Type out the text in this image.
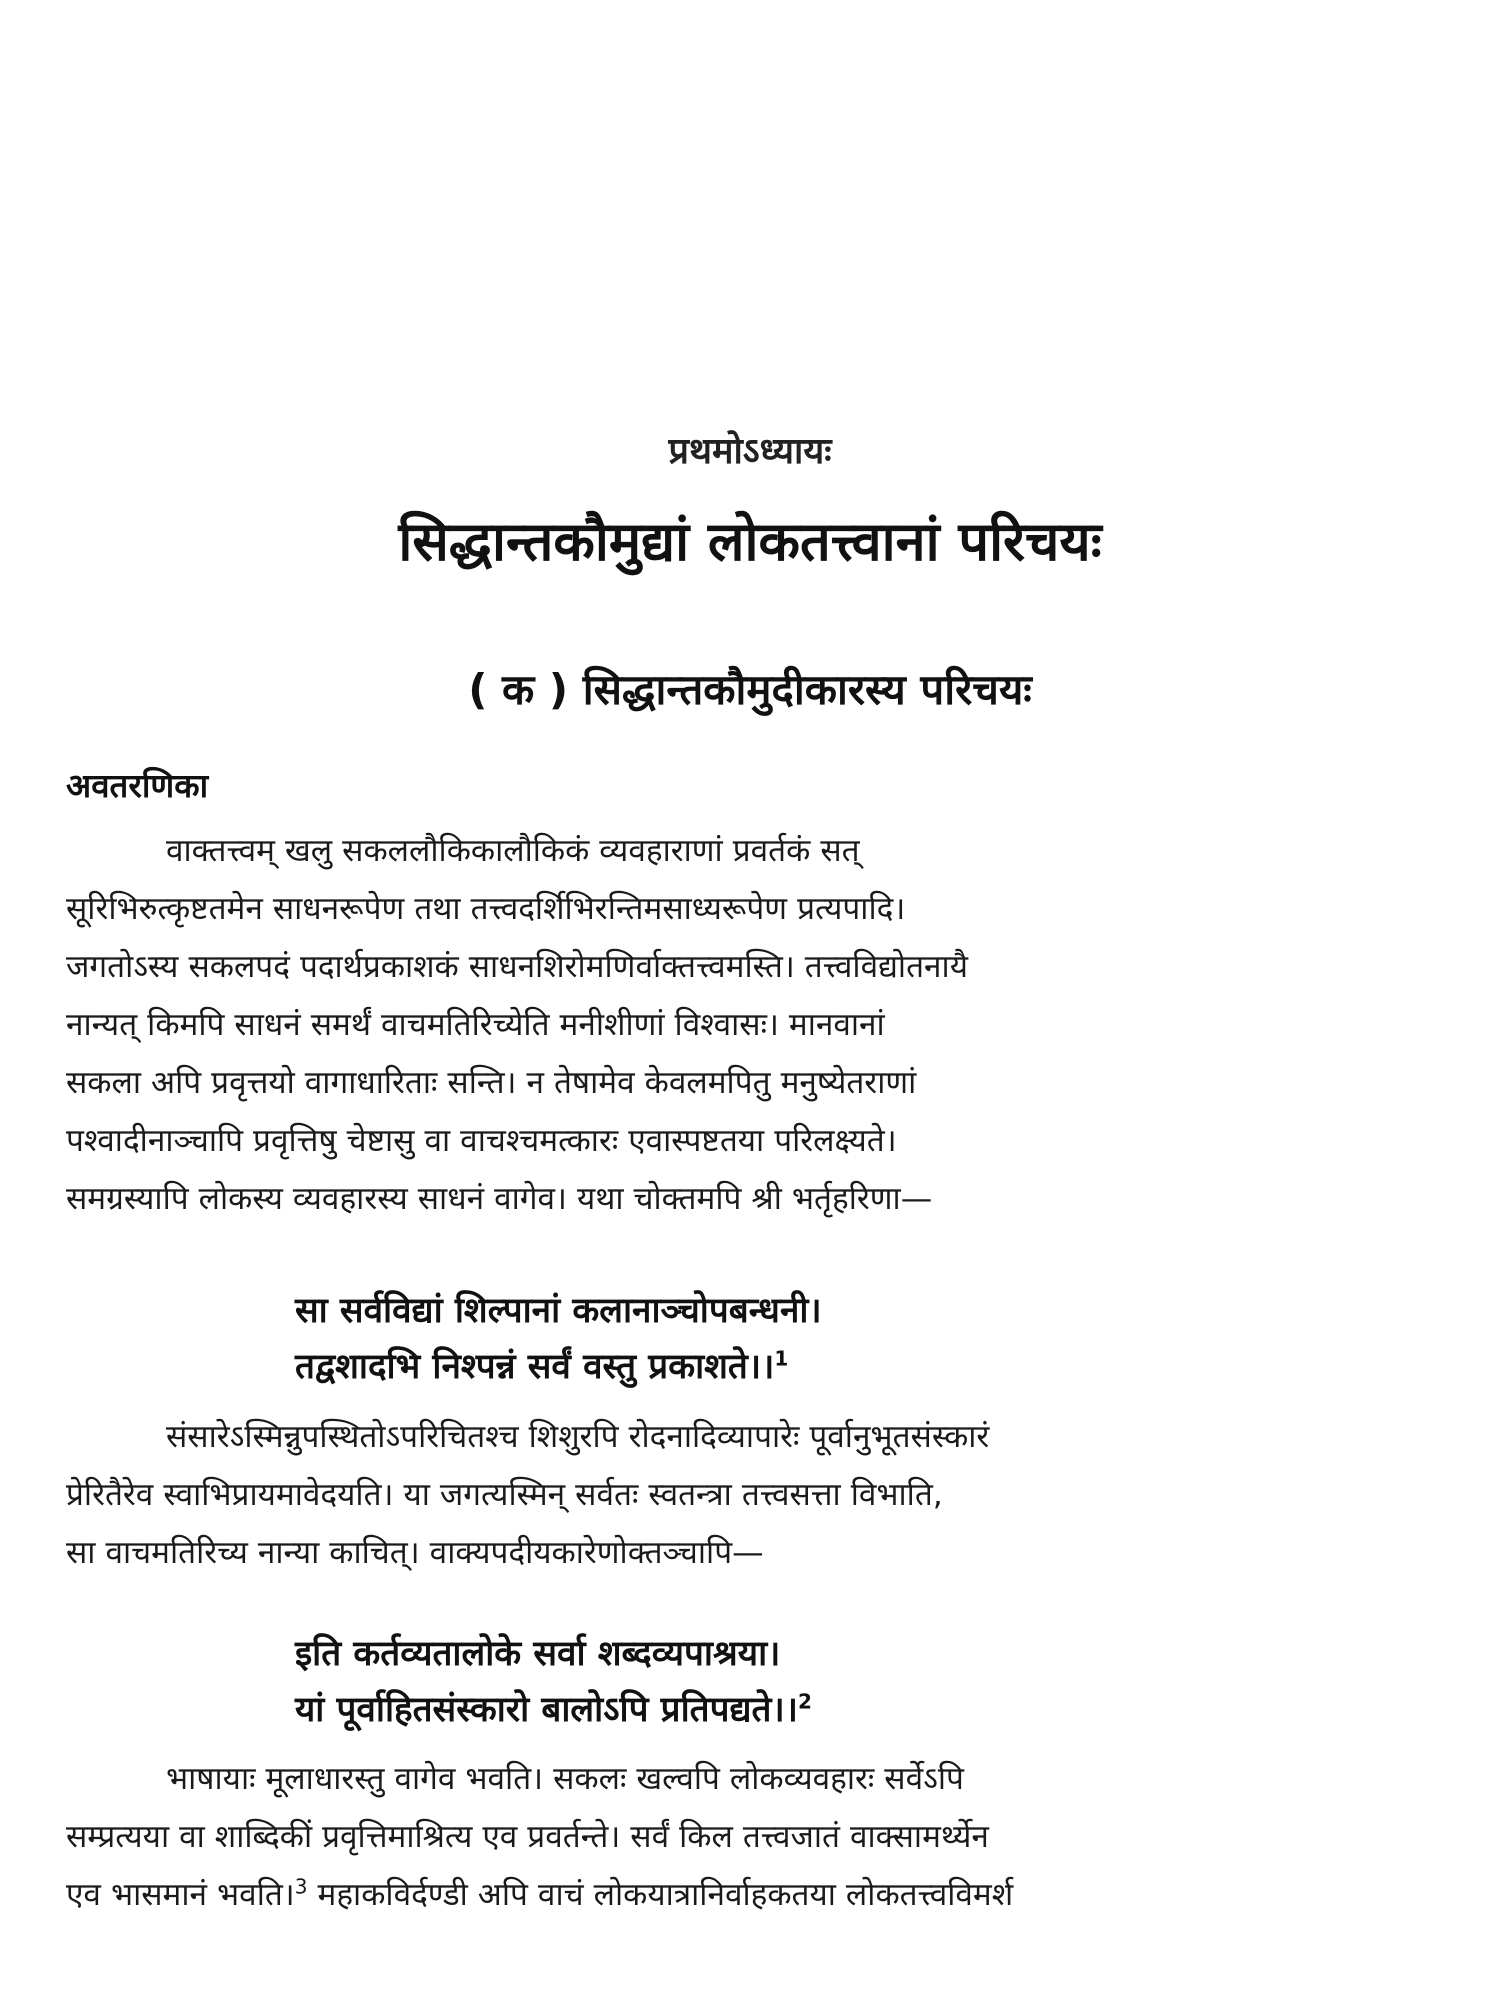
प्रथमोऽध्यायः
सिद्धान्तकौमुद्यां लोकतत्त्वानां परिचयः
( क ) सिद्धान्तकौमुदीकारस्य परिचयः
अवतरणिका
वाक्तत्त्वम् खलु सकललौकिकालौकिकं व्यवहाराणां प्रवर्तकं सत्
सूरिभिरुत्कृष्टतमेन साधनरूपेण तथा तत्त्वदर्शिभिरन्तिमसाध्यरूपेण प्रत्यपादि।
जगतोऽस्य सकलपदं पदार्थप्रकाशकं साधनशिरोमणिर्वाक्तत्त्वमस्ति। तत्त्वविद्योतनायै
नान्यत् किमपि साधनं समर्थं वाचमतिरिच्येति मनीशीणां विश्वासः। मानवानां
सकला अपि प्रवृत्तयो वागाधारिताः सन्ति। न तेषामेव केवलमपितु मनुष्येतराणां
पश्वादीनाञ्चापि प्रवृत्तिषु चेष्टासु वा वाचश्चमत्कारः एवास्पष्टतया परिलक्ष्यते।
समग्रस्यापि लोकस्य व्यवहारस्य साधनं वागेव। यथा चोक्तमपि श्री भर्तृहरिणा—
सा सर्वविद्यां शिल्पानां कलानाञ्चोपबन्धनी।
तद्वशादभि निश्पन्नं सर्वं वस्तु प्रकाशते।।$^1$
संसारेऽस्मिन्नुपस्थितोऽपरिचितश्च शिशुरपि रोदनादिव्यापारेः पूर्वानुभूतसंस्कारं
प्रेरितैरेव स्वाभिप्रायमावेदयति। या जगत्यस्मिन् सर्वतः स्वतन्त्रा तत्त्वसत्ता विभाति,
सा वाचमतिरिच्य नान्या काचित्। वाक्यपदीयकारेणोक्तञ्चापि—
इति कर्तव्यतालोके सर्वा शब्दव्यपाश्रया।
यां पूर्वाहितसंस्कारो बालोऽपि प्रतिपद्यते।।$^2$
भाषायाः मूलाधारस्तु वागेव भवति। सकलः खल्वपि लोकव्यवहारः सर्वेऽपि
सम्प्रत्यया वा शाब्दिकीं प्रवृत्तिमाश्रित्य एव प्रवर्तन्ते। सर्वं किल तत्त्वजातं वाक्सामर्थ्येन
एव भासमानं भवति।$^3$ महाकविर्दण्डी अपि वाचं लोकयात्रानिर्वाहकतया लोकतत्त्वविमर्श
